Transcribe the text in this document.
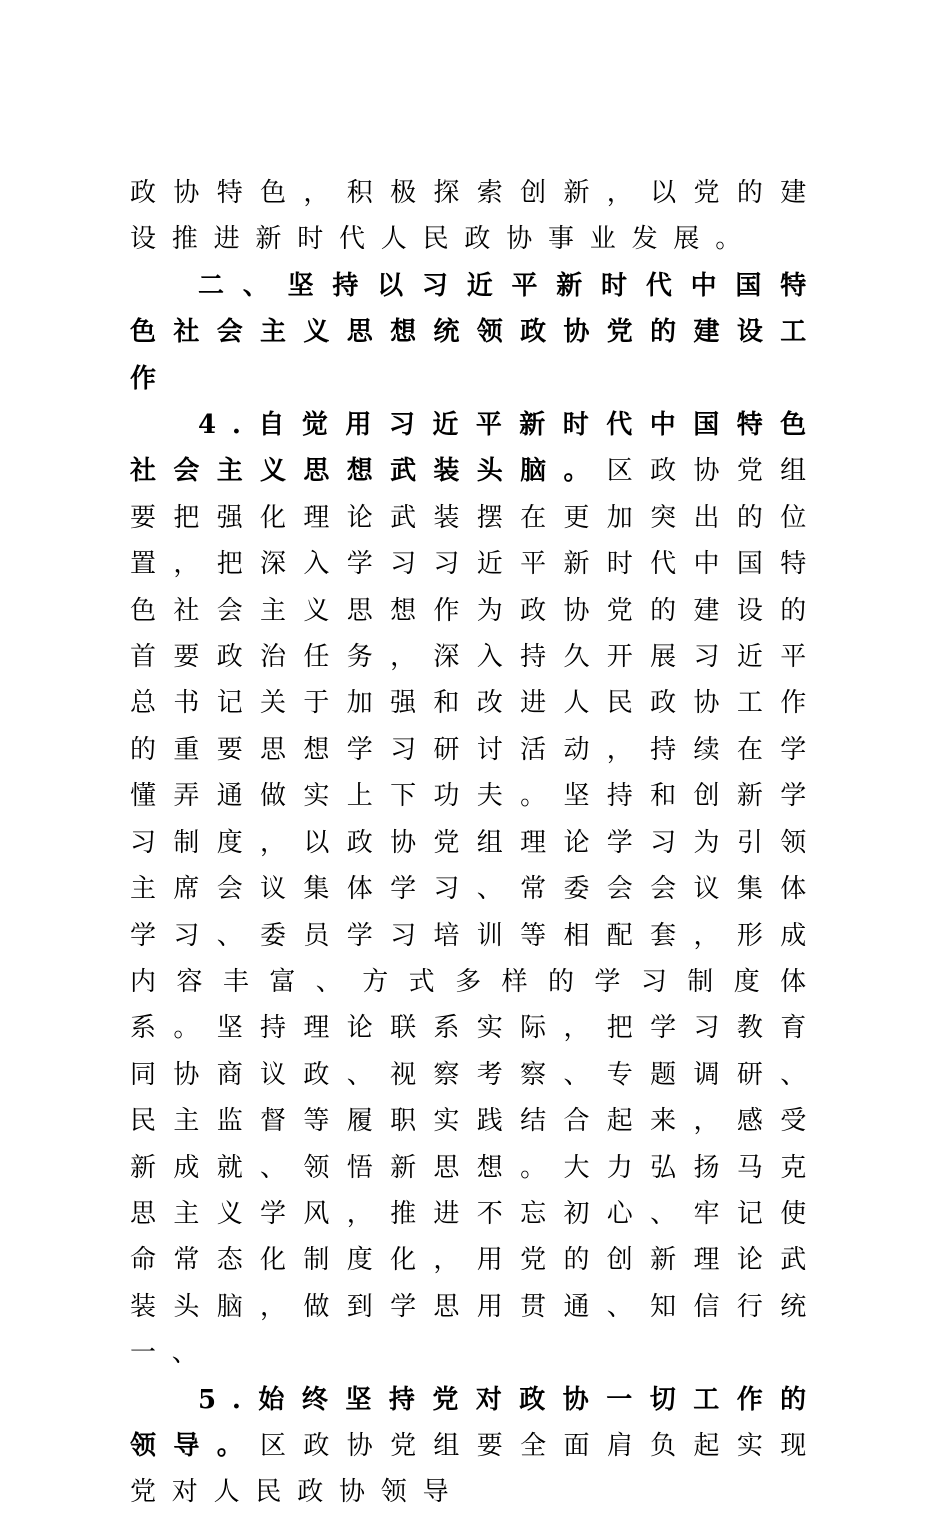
政协特色，积极探索创新，以党的建设推进新时代人民政协事业发展。

二、坚持以习近平新时代中国特色社会主义思想统领政协党的建设工作

4.自觉用习近平新时代中国特色社会主义思想武装头脑。区政协党组要把强化理论武装摆在更加突出的位置，把深入学习习近平新时代中国特色社会主义思想作为政协党的建设的首要政治任务，深入持久开展习近平总书记关于加强和改进人民政协工作的重要思想学习研讨活动，持续在学懂弄通做实上下功夫。坚持和创新学习制度，以政协党组理论学习为引领主席会议集体学习、常委会会议集体学习、委员学习培训等相配套，形成内容丰富、方式多样的学习制度体系。坚持理论联系实际，把学习教育同协商议政、视察考察、专题调研、民主监督等履职实践结合起来，感受新成就、领悟新思想。大力弘扬马克思主义学风，推进不忘初心、牢记使命常态化制度化，用党的创新理论武装头脑，做到学思用贯通、知信行统一、

5.始终坚持党对政协一切工作的领导。区政协党组要全面肩负起实现党对人民政协领导
